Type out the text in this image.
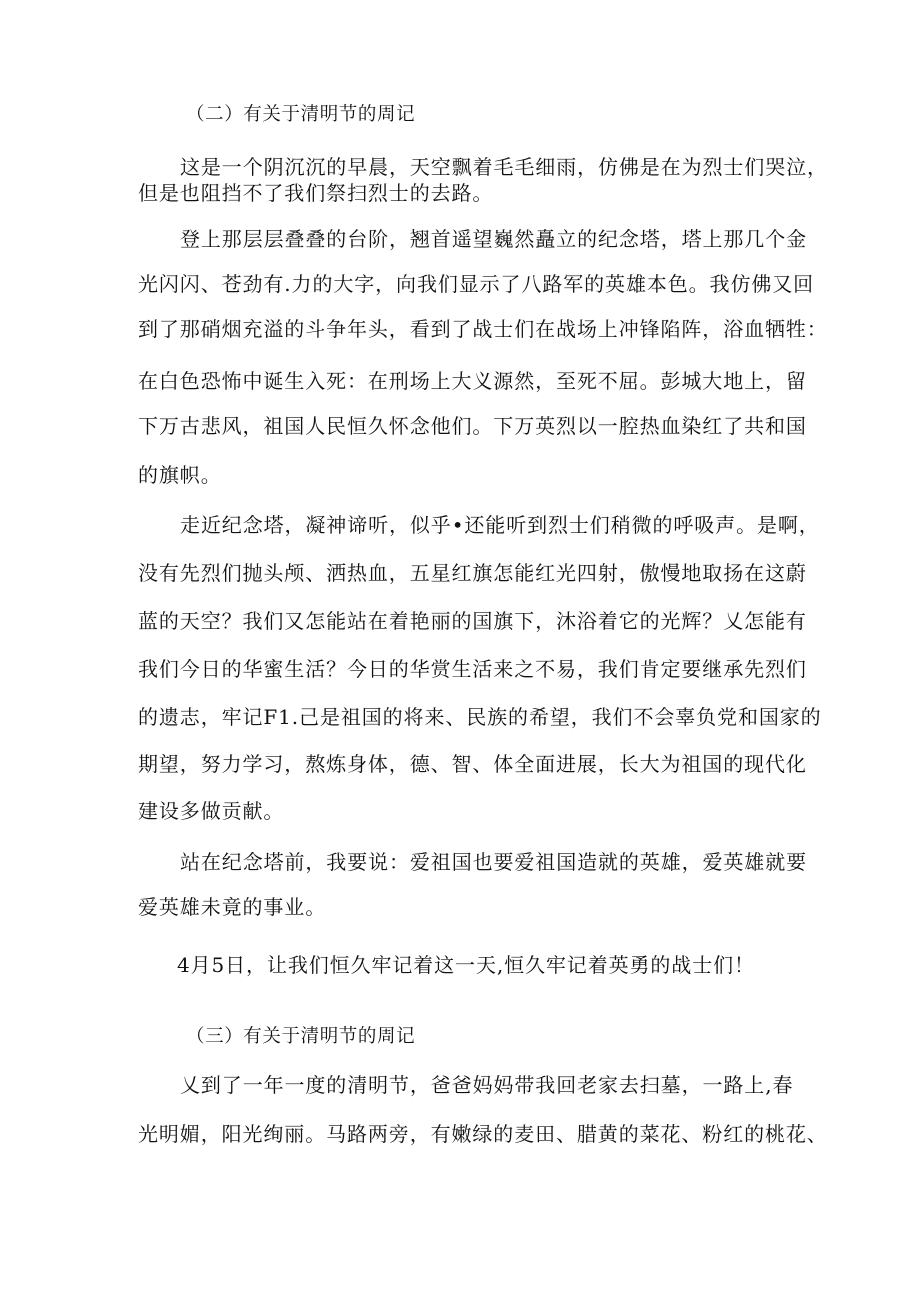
（二）有关于清明节的周记
这是一个阴沉沉的早晨，天空飘着毛毛细雨，仿佛是在为烈士们哭泣，
但是也阻挡不了我们祭扫烈士的去路。
登上那层层叠叠的台阶，翘首遥望巍然矗立的纪念塔，塔上那几个金
光闪闪、苍劲有.力的大字，向我们显示了八路军的英雄本色。我仿佛又回
到了那硝烟充溢的斗争年头，看到了战士们在战场上冲锋陷阵，浴血牺牲：
在白色恐怖中诞生入死：在刑场上大义源然，至死不屈。彭城大地上，留
下万古悲风，祖国人民恒久怀念他们。下万英烈以一腔热血染红了共和国
的旗帜。
走近纪念塔，凝神谛听，似乎•还能听到烈士们稍微的呼吸声。是啊，
没有先烈们抛头颅、洒热血，五星红旗怎能红光四射，傲慢地取扬在这蔚
蓝的天空？我们又怎能站在着艳丽的国旗下，沐浴着它的光辉？乂怎能有
我们今日的华蜜生活？今日的华赏生活来之不易，我们肯定要继承先烈们
的遗志，牢记F1.己是祖国的将来、民族的希望，我们不会辜负党和国家的
期望，努力学习，熬炼身体，德、智、体全面进展，长大为祖国的现代化
建设多做贡献。
站在纪念塔前，我要说：爱祖国也要爱祖国造就的英雄，爱英雄就要
爱英雄未竟的事业。
4月5日，让我们恒久牢记着这一天,恒久牢记着英勇的战士们！
（三）有关于清明节的周记
乂到了一年一度的清明节，爸爸妈妈带我回老家去扫墓，一路上,春
光明媚，阳光绚丽。马路两旁，有嫩绿的麦田、腊黄的菜花、粉红的桃花、
